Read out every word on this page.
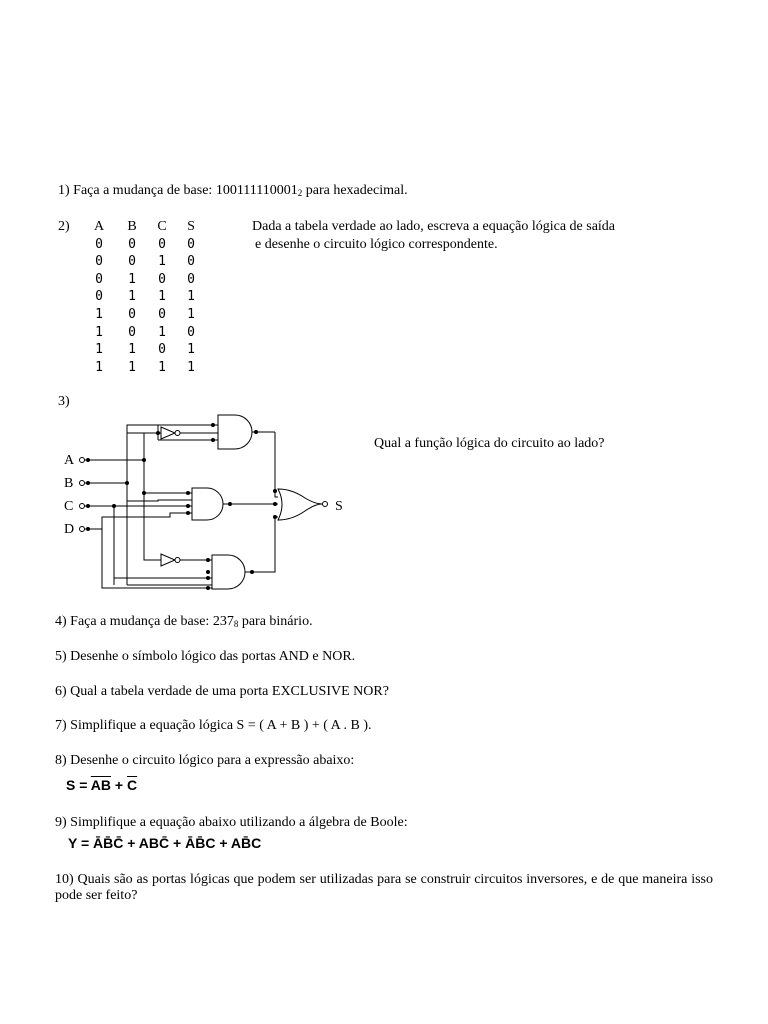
1) Faça a mudança de base: $100111110001_2$ para hexadecimal.
2) A
0
0
0
0
1
1
1
1
B
0
0
1
1
0
0
1
1
C
0
1
0
1
0
1
0
1
S
0
0
0
1
1
0
1
1
Dada a tabela verdade ao lado, escreva a equação lógica de saída
e desenhe o circuito lógico correspondente.
3)
Qual a função lógica do circuito ao lado?
A
B
C
D
S
4) Faça a mudança de base: $237_8$ para binário.
5) Desenhe o símbolo lógico das portas AND e NOR.
6) Qual a tabela verdade de uma porta EXCLUSIVE NOR?
7) Simplifique a equação lógica S = ( A + B ) + ( A . B ).
8) Desenhe o circuito lógico para a expressão abaixo:
$S = \overline{AB} + \overline{C}$
9) Simplifique a equação abaixo utilizando a álgebra de Boole:
Y = ĀB̄C̄ + ABC̄ + ĀB̄C + AB̄C
10) Quais são as portas lógicas que podem ser utilizadas para se construir circuitos inversores, e de que maneira isso pode ser feito?
